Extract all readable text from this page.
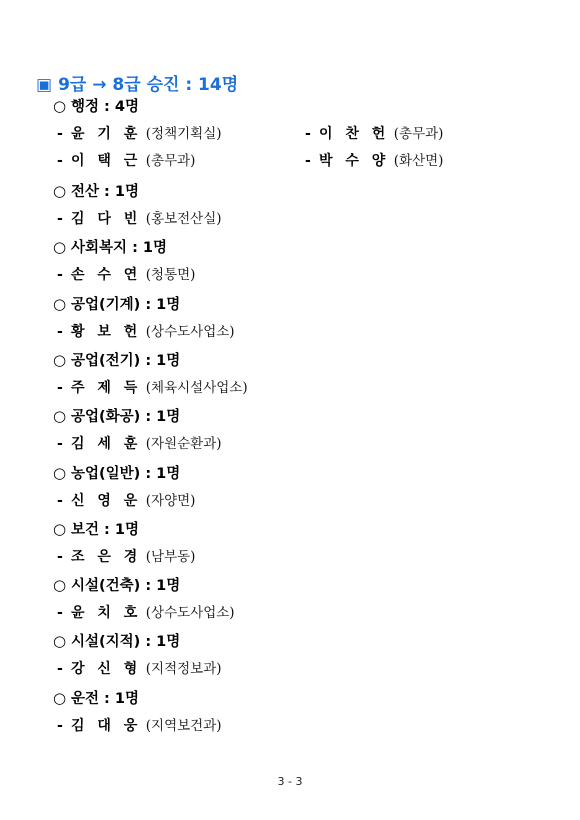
▣ 9급 → 8급 승진 : 14명
○ 행정 : 4명
- 윤 기 훈 (정책기획실)	- 이 찬 헌 (총무과)
- 이 택 근 (총무과)	- 박 수 양 (화산면)
○ 전산 : 1명
- 김 다 빈 (홍보전산실)
○ 사회복지 : 1명
- 손 수 연 (청통면)
○ 공업(기계) : 1명
- 황 보 헌 (상수도사업소)
○ 공업(전기) : 1명
- 주 제 득 (체육시설사업소)
○ 공업(화공) : 1명
- 김 세 훈 (자원순환과)
○ 농업(일반) : 1명
- 신 영 운 (자양면)
○ 보건 : 1명
- 조 은 경 (남부동)
○ 시설(건축) : 1명
- 윤 치 호 (상수도사업소)
○ 시설(지적) : 1명
- 강 신 형 (지적정보과)
○ 운전 : 1명
- 김 대 웅 (지역보건과)
3 - 3
